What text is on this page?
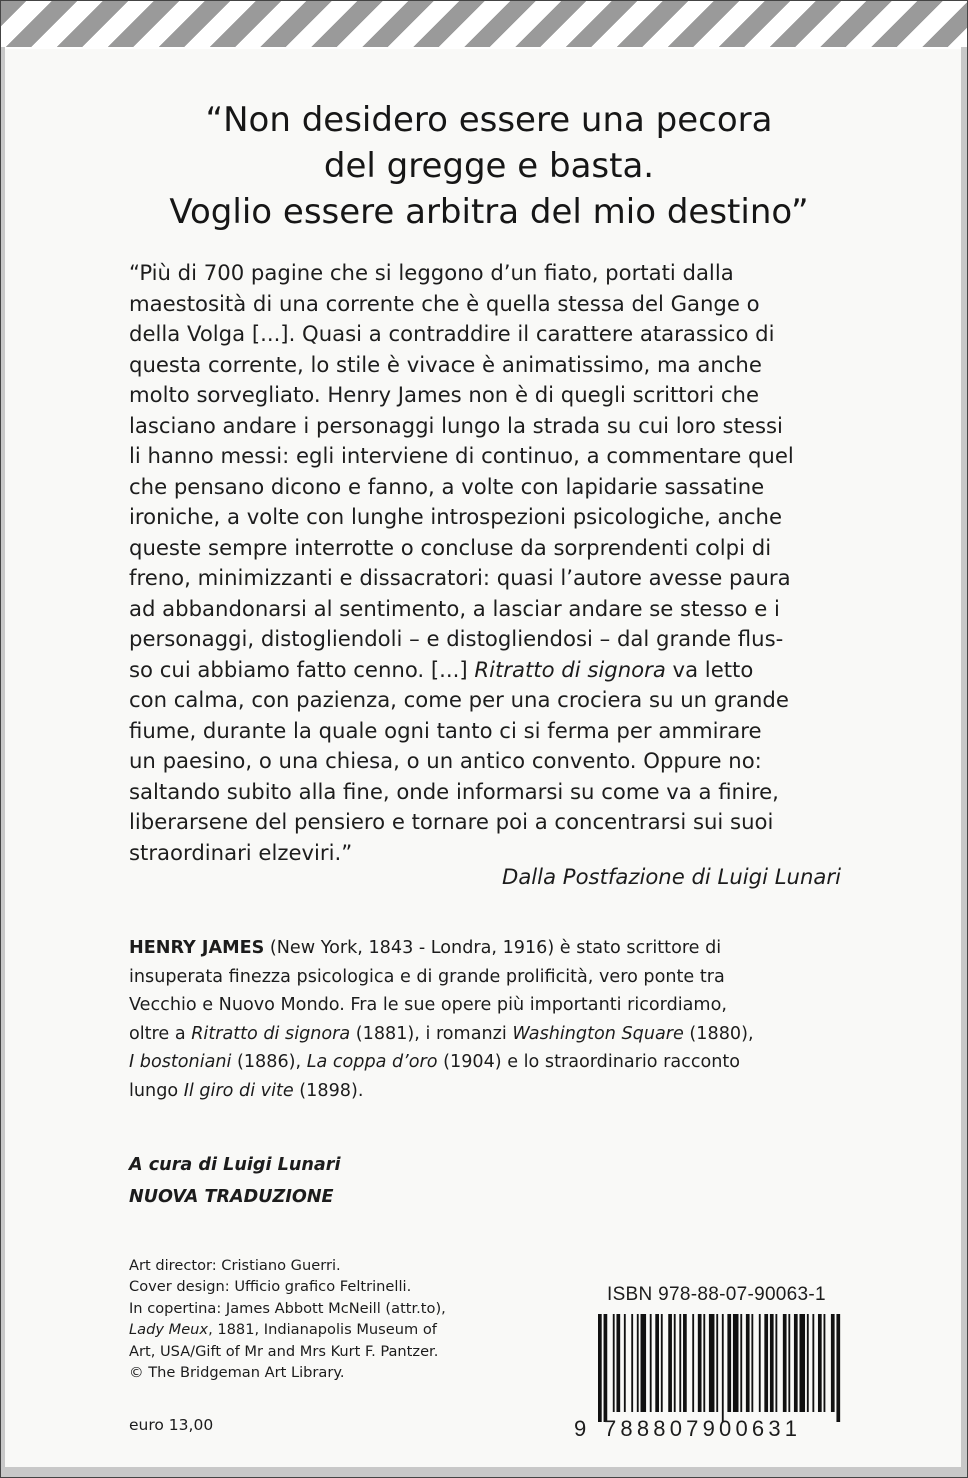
“Non desidero essere una pecora
del gregge e basta.
Voglio essere arbitra del mio destino”
“Più di 700 pagine che si leggono d’un fiato, portati dalla
maestosità di una corrente che è quella stessa del Gange o
della Volga [...]. Quasi a contraddire il carattere atarassico di
questa corrente, lo stile è vivace è animatissimo, ma anche
molto sorvegliato. Henry James non è di quegli scrittori che
lasciano andare i personaggi lungo la strada su cui loro stessi
li hanno messi: egli interviene di continuo, a commentare quel
che pensano dicono e fanno, a volte con lapidarie sassatine
ironiche, a volte con lunghe introspezioni psicologiche, anche
queste sempre interrotte o concluse da sorprendenti colpi di
freno, minimizzanti e dissacratori: quasi l’autore avesse paura
ad abbandonarsi al sentimento, a lasciar andare se stesso e i
personaggi, distogliendoli – e distogliendosi – dal grande flus-
so cui abbiamo fatto cenno. [...] Ritratto di signora va letto
con calma, con pazienza, come per una crociera su un grande
fiume, durante la quale ogni tanto ci si ferma per ammirare
un paesino, o una chiesa, o un antico convento. Oppure no:
saltando subito alla fine, onde informarsi su come va a finire,
liberarsene del pensiero e tornare poi a concentrarsi sui suoi
straordinari elzeviri.”
Dalla Postfazione di Luigi Lunari
HENRY JAMES (New York, 1843 - Londra, 1916) è stato scrittore di
insuperata finezza psicologica e di grande prolificità, vero ponte tra
Vecchio e Nuovo Mondo. Fra le sue opere più importanti ricordiamo,
oltre a Ritratto di signora (1881), i romanzi Washington Square (1880),
I bostoniani (1886), La coppa d’oro (1904) e lo straordinario racconto
lungo Il giro di vite (1898).
A cura di Luigi Lunari
NUOVA TRADUZIONE
Art director: Cristiano Guerri.
Cover design: Ufficio grafico Feltrinelli.
In copertina: James Abbott McNeill (attr.to),
Lady Meux, 1881, Indianapolis Museum of
Art, USA/Gift of Mr and Mrs Kurt F. Pantzer.
© The Bridgeman Art Library.
euro 13,00
ISBN 978-88-07-90063-1
9 788807900631
